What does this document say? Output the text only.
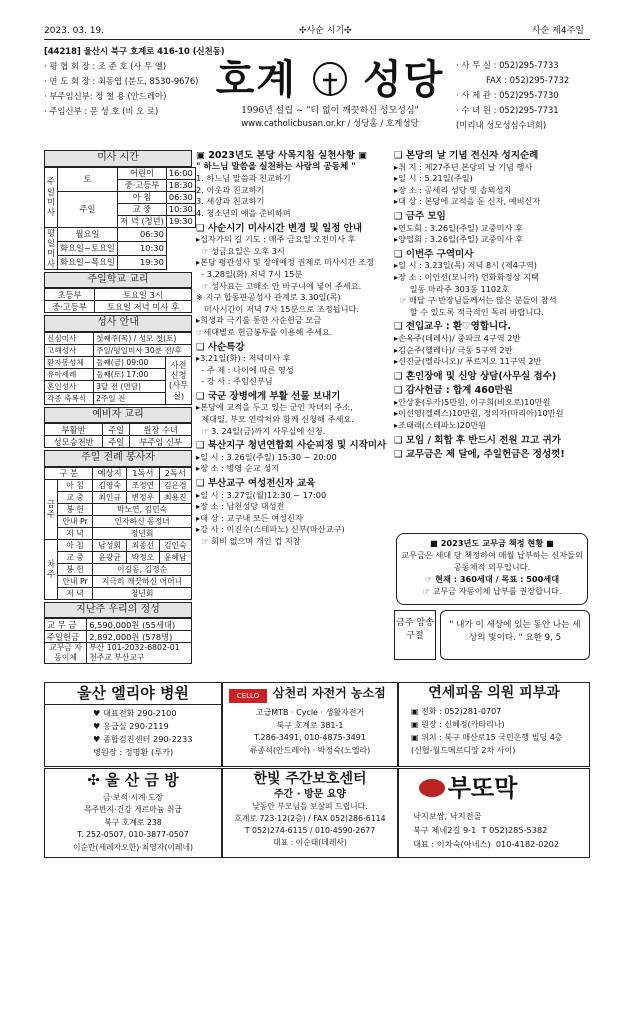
2023. 03. 19.	✣사순 시기✣	사순 제4주일
[44218] 울산시 북구 호계로 416-10 (신천동)
· 평 협 회 장 : 조 준 호 (사 무 엘)
· 연 도 회 장 : 최동엽 (분도, 8530-9676)
· 부주임신부: 정 철 용 (안드레아)
· 주임신부 : 문 성 호 (비 오 로)
호계 성당
1996년 설립 ~ "티 없이 깨끗하신 성모성심"
www.catholicbusan.or.kr / 성당홈 / 호계성당
· 사 무 실 : 052)295-7733
FAX : 052)295-7732
· 사 제 관 : 052)295-7730
· 수 녀 원 : 052)295-7731
(미리내 성모성심수녀회)
미사 시간
주일미사	토	어린이	16:00
		중·고등부	18:30
	주일	아 침	06:30
		교 중	10:30
		저 녁 (청년)	19:30
평일미사	월요일	06:30	
	화요일~토요일	10:30	
	화요일~목요일	19:30	
주일학교 교리
초등부	토요일 3시
중·고등부	토요일 저녁 미사 후
성사 안내
신심미사	첫째주(목) / 성모 첫(토)	
고해성사	주일/평일미사 30분 전/후	
환자봉성체	둘째(금) 09:00	사전 신청 (사무실)
유아세례	둘째(토) 17:00	
혼인성사	3달 전 (면담)	
각종 축복식	2주일 전	
예비자 교리
부활반	주일	원장 수녀
성모승천반	주일	부주임 신부
주일 전례 봉사자
구 분		예상지	1독서	2독서
금주	아 침	김영숙	조정연	김은경
	교 중	최인규	변정우	최용진
	봉 헌	박노연, 김민숙		
	안내 Pr	인자하신 동정녀		
	저 녁	정년회		
차주	아 침	남성회	최종선	김인숙
	교 중	윤광균	박정오	윤혜남
	봉 헌	이길동, 김정순		
	안내 Pr	지극히 깨끗하신 어머니		
	저 녁	청년회		
지난주 우리의 정성
교 무 금	6,590,000원 (55세대)
주일헌금	2,892,000원 (578명)
교무금 자동이체	부산 101-2032-6802-01 천주교 부산교구
▣ 2023년도 본당 사목지침 실천사항 ▣
" 하느님 말씀을 실천하는 사랑의 공동체 "
1. 하느님 말씀과 친교하기
2. 이웃과 친교하기
3. 세상과 친교하기
4. 청소년의 얘을 준비하며
❑ 사순시기 미사시간 변경 및 일정 안내
▸십자가의 길 기도 : 매주 금요일 오전미사 후
☞ 성금요일은 오후 3시
▸본당 평관성사 및 장애예정 권제로 미사시간 조정
- 3.28일(화) 저녁 7시 15분
☞ 성사표는 고해소 안 바구니에 넣어 주세요.
※ 지구 합동판공성사 관계로 3.30일(목)
미사시간이 저녁 7시 15분으로 조정됩니다.
▸희생과 극기를 통한 사순헌금 모금
☞세대별로 헌금봉투를 이용해 주세요.
❑ 사순특강
▸3.21일(화) : 저녁미사 후
- 주 제 : 나이에 따른 영성
- 강 사 : 주임신부님
❑ 국군 장병에게 부활 선물 보내기
▸본당에 교적을 두고 있는 군인 자녀의 주소,
제대일, 부모 연락처와 함께 신청해 주세요.
☞ 3. 24일(금)까지 사무실에 신청.
❑ 북산지구 청년연합회 사순피정 및 시작미사
▸일 시 : 3.26일(주일) 15:30 ~ 20:00
▸장 소 : 병영 순교 성지
❑ 부산교구 여성전신자 교육
▸일 시 : 3.27일(월)12:30 ~ 17:00
▸장 소 : 남천성당 대성전
▸대 상 : 교구내 모든 여성신자
▸강 사 : 이진수(스테파노) 신부(마산교구)
☞ 회비 없으며 개인 컵 지참
❑ 본당의 날 기념 전신자 성지순례
▸취 지 : 제27주년 본당의 날 기념 행사
▸일 시 : 5.21일(주일)
▸장 소 : 공세리 성당 및 솔뫼성지
▸대 상 : 본당에 교적을 둔 신자, 예비신자
❑ 금주 모임
▸연도회 : 3.26일(주일) 교중미사 후
▸양업회 : 3.26일(주일) 교중미사 후
❑ 이번주 구역미사
▸일 시 : 3.23일(목) 저녁 8시 (제4구역)
▸장 소 : 이인선(모니카) 언화화정상 지택
일동 마라주 303동 1102호
☞ 매달 구·반장님들께서는 많은 분들이 참석
할 수 있도록 적극적인 독려 바랍니다.
❑ 전입교우 : 환♡영합니다.
▸손옥주(데레사)/ 중파크 4구역 2반
▸김순주(헬레나)/ 극동 5구역 2반
▸신진균(멜라니오)/ 푸르지오 11구역 2반
❑ 혼인장애 및 신앙 상담(사무실 접수)
❑ 감사헌금 : 합계 460만원
▸안상훈(루카)5만원, 이구희(비오로)10만원
▸이선영(젤렉스)10만원, 정의자(마리아)10만원
▸조태래(스테파노)20만원
❑ 모임 / 회합 후 반드시 전원 끄고 귀가
❑ 교무금은 제 달에, 주일헌금은 정성껏!
■ 2023년도 교무금 책정 현황 ■
교무금은 세대 당 책정하여 매월 납부하는 신자들의 공동체적 의무입니다.
☞ 현재 : 360세대 / 목표 : 500세대
☞ 교무금 자동이체 납부를 권장합니다.
금주 암송 구절
" 내가 이 세상에 있는 동안 나는 세상의 빛이다. " 요한 9, 5
울산 엘리야 병원
♥ 대표전화 290-2100
♥ 응급실 290-2119
♥ 종합검진센터 290-2233
병원장 : 정명환 (루카)
삼천리 자전거 농소점
CELLO
고급MTB · Cycle · 생활자전거
북구 호계로 381-1
T.286-3491, 010-4875-3491
류종석(안드레아) · 박정숙(노엘라)
연세피움 의원 피부과
▣ 전화 : 052)281-0707
▣ 원장 : 신혜정(카타리나)
▣ 위치 : 북구 매산로15 국민은행 빌딩 4층
(신협-월드메르디앙 2차 사이)
✣ 울 산 금 방
금·보석·시계·도장
목주반지·건강 게르마늄 취급
북구 호계로 238
T. 252-0507, 010-3877-0507
이순만(세레자오한)·최영자(이레네)
한빛 주간보호센터
주간 · 방문 요양
낮동안 부모님을 보살펴 드립니다.
호계로 723-12(2층) / FAX 052)286-6114
T 052)274-6115 / 010-4590-2677
대표 : 이순태(데레사)
부또막
낙지보쌈, 낙지전골
북구 제네2길 9-1  T 052)285-5382
대표 : 이차숙(아네스)  010-4182-0202
